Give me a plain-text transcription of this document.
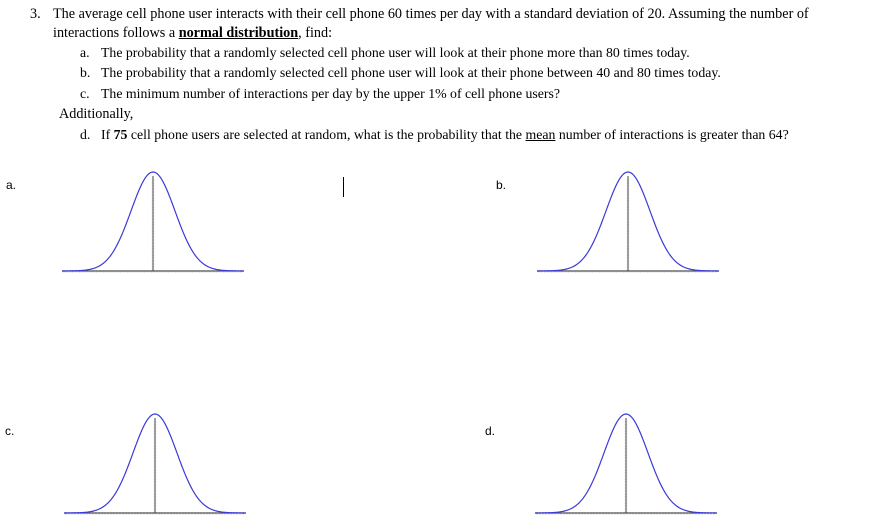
3. The average cell phone user interacts with their cell phone 60 times per day with a standard deviation of 20. Assuming the number of
interactions follows a normal distribution, find:
a. The probability that a randomly selected cell phone user will look at their phone more than 80 times today.
b. The probability that a randomly selected cell phone user will look at their phone between 40 and 80 times today.
c. The minimum number of interactions per day by the upper 1% of cell phone users?
Additionally,
d. If 75 cell phone users are selected at random, what is the probability that the mean number of interactions is greater than 64?
a.	b.
c.	d.
